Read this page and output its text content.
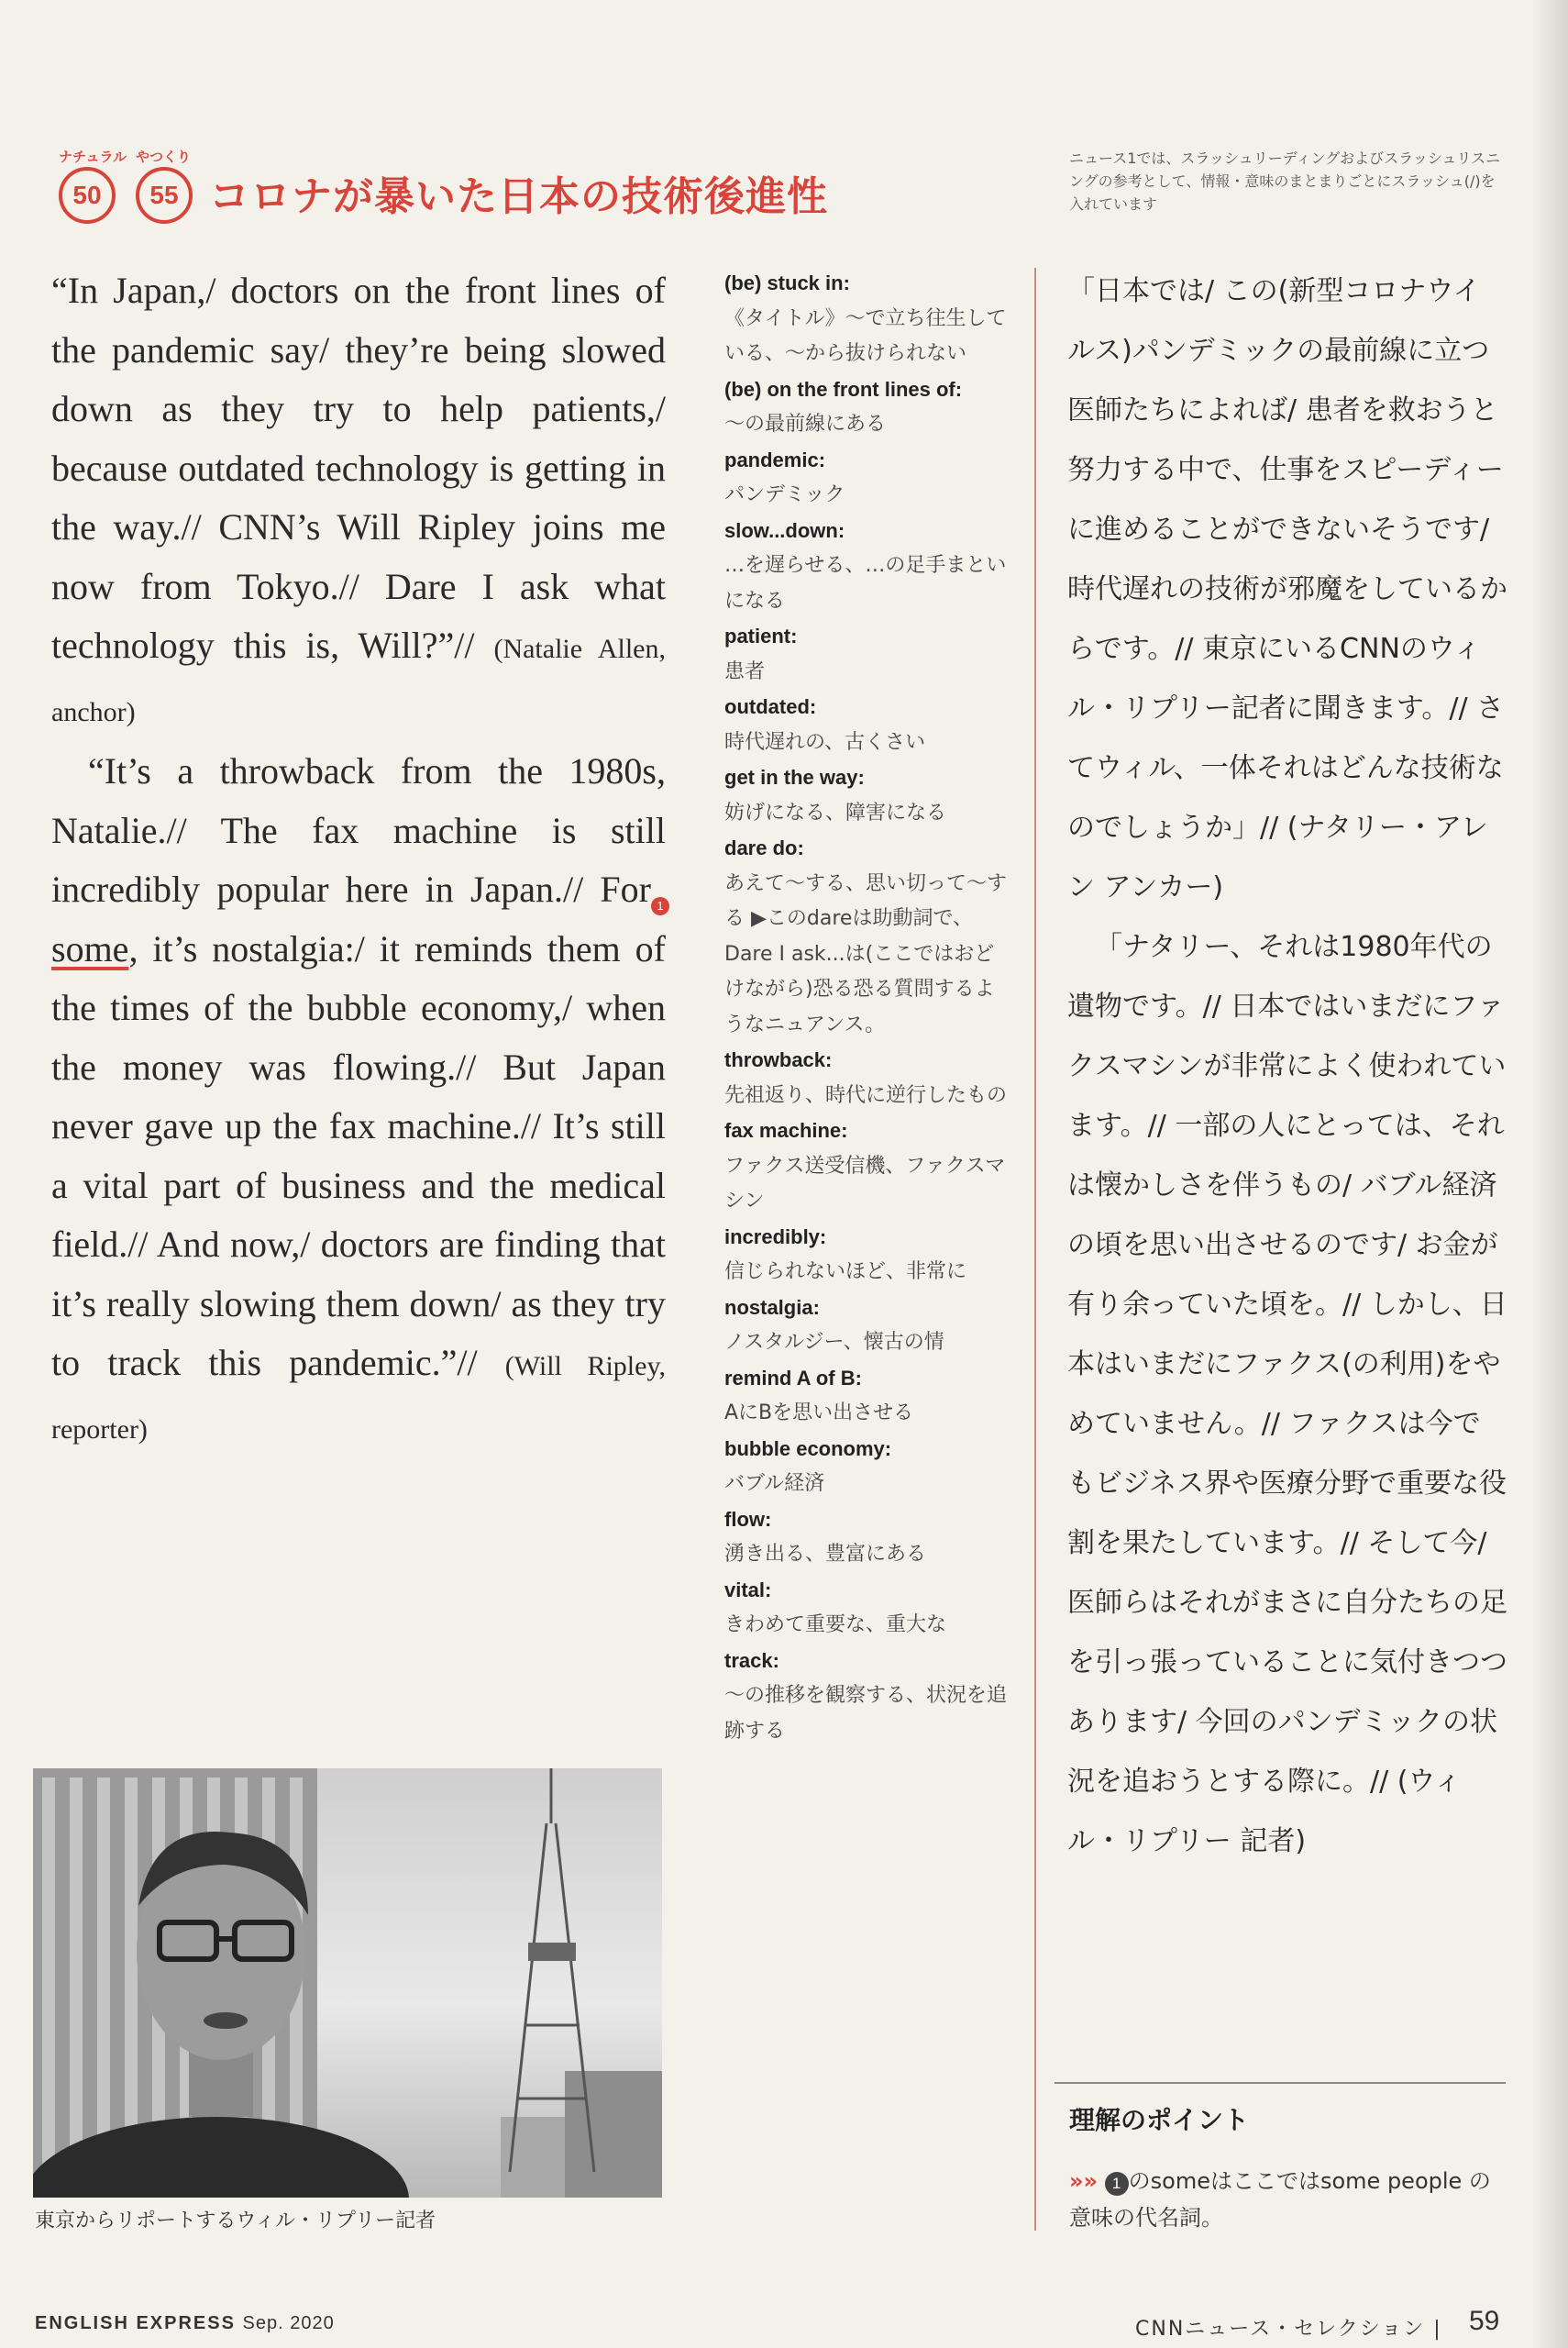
ナチュラル
50
やつくり
55 コロナが暴いた日本の技術後進性
ニュース1では、スラッシュリーディングおよびスラッシュリスニングの参考として、情報・意味のまとまりごとにスラッシュ(/)を入れています

“In Japan,/ doctors on the front lines of the pandemic say/ they’re being slowed down as they try to help patients,/ because outdated technology is getting in the way.// CNN’s Will Ripley joins me now from Tokyo.// Dare I ask what technology this is, Will?”// (Natalie Allen, anchor)

“It’s a throwback from the 1980s, Natalie.// The fax machine is still incredibly popular here in Japan.// For 1some, it’s nostalgia:/ it reminds them of the times of the bubble economy,/ when the money was flowing.// But Japan never gave up the fax machine.// It’s still a vital part of business and the medical field.// And now,/ doctors are finding that it’s really slowing them down/ as they try to track this pandemic.”// (Will Ripley, reporter)

(be) stuck in:
《タイトル》〜で立ち往生している、〜から抜けられない
(be) on the front lines of:
〜の最前線にある
pandemic:
パンデミック
slow...down:
…を遅らせる、…の足手まといになる
patient:
患者
outdated:
時代遅れの、古くさい
get in the way:
妨げになる、障害になる
dare do:
あえて〜する、思い切って〜する ▶このdareは助動詞で、Dare I ask...は(ここではおどけながら)恐る恐る質問するようなニュアンス。
throwback:
先祖返り、時代に逆行したもの
fax machine:
ファクス送受信機、ファクスマシン
incredibly:
信じられないほど、非常に
nostalgia:
ノスタルジー、懐古の情
remind A of B:
AにBを思い出させる
bubble economy:
バブル経済
flow:
湧き出る、豊富にある
vital:
きわめて重要な、重大な
track:
〜の推移を観察する、状況を追跡する

「日本では/ この(新型コロナウイルス)パンデミックの最前線に立つ医師たちによれば/ 患者を救おうと努力する中で、仕事をスピーディーに進めることができないそうです/ 時代遅れの技術が邪魔をしているからです。// 東京にいるCNNのウィル・リプリー記者に聞きます。// さてウィル、一体それはどんな技術なのでしょうか」// (ナタリー・アレン アンカー)

「ナタリー、それは1980年代の遺物です。// 日本ではいまだにファクスマシンが非常によく使われています。// 一部の人にとっては、それは懐かしさを伴うもの/ バブル経済の頃を思い出させるのです/ お金が有り余っていた頃を。// しかし、日本はいまだにファクス(の利用)をやめていません。// ファクスは今でもビジネス界や医療分野で重要な役割を果たしています。// そして今/ 医師らはそれがまさに自分たちの足を引っ張っていることに気付きつつあります/ 今回のパンデミックの状況を追おうとする際に。// (ウィル・リプリー 記者)

東京からリポートするウィル・リプリー記者
理解のポイント
»» 1 のsomeはここではsome people の意味の代名詞。
ENGLISH EXPRESS Sep. 2020	CNNニュース・セレクション | 59
